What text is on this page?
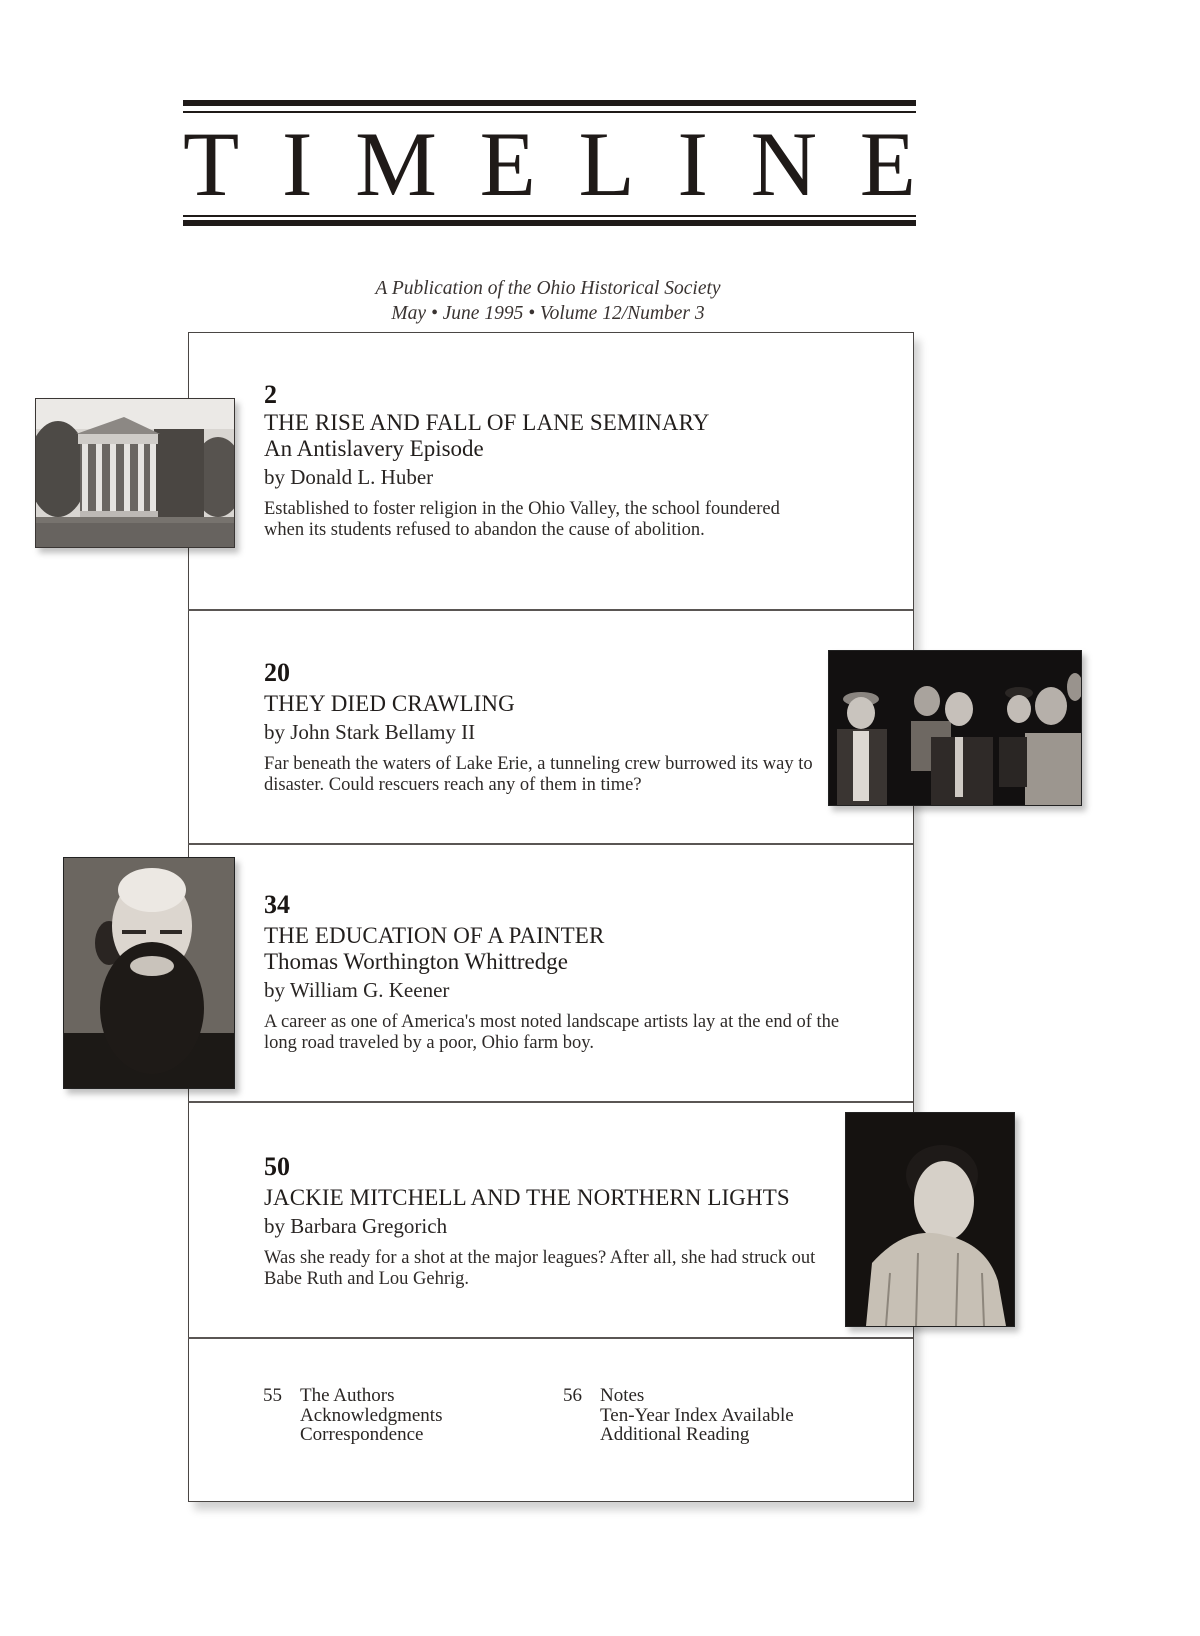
T I M E L I N E
A Publication of the Ohio Historical Society
May • June 1995 • Volume 12/Number 3
2
THE RISE AND FALL OF LANE SEMINARY
An Antislavery Episode
by Donald L. Huber
Established to foster religion in the Ohio Valley, the school foundered when its students refused to abandon the cause of abolition.
20
THEY DIED CRAWLING
by John Stark Bellamy II
Far beneath the waters of Lake Erie, a tunneling crew burrowed its way to disaster. Could rescuers reach any of them in time?
34
THE EDUCATION OF A PAINTER
Thomas Worthington Whittredge
by William G. Keener
A career as one of America's most noted landscape artists lay at the end of the long road traveled by a poor, Ohio farm boy.
50
JACKIE MITCHELL AND THE NORTHERN LIGHTS
by Barbara Gregorich
Was she ready for a shot at the major leagues? After all, she had struck out Babe Ruth and Lou Gehrig.
55 The Authors
Acknowledgments
Correspondence
56 Notes
Ten-Year Index Available
Additional Reading
